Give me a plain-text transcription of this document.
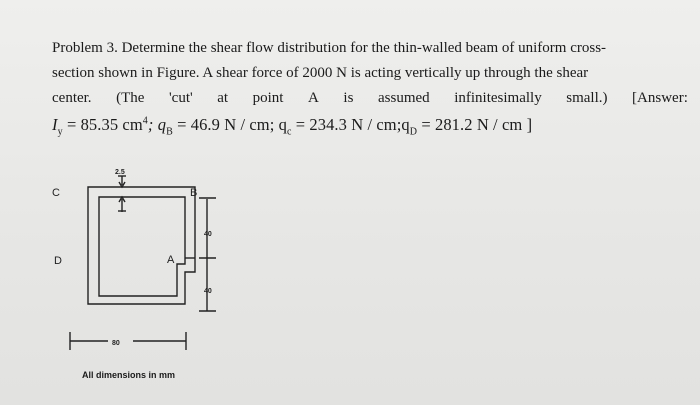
Problem 3. Determine the shear flow distribution for the thin-walled beam of uniform cross-
section shown in Figure. A shear force of 2000 N is acting vertically up through the shear
center. (The 'cut' at point A is assumed infinitesimally small.) [Answer:
$I_y = 85.35$ $cm^4$; $q_B = 46.9$ N / cm; $q_c = 234.3$ $N / cm;q_D = 281.2$ N / cm ]
C	B
D	A
2.5
40
40
80
All dimensions in mm
